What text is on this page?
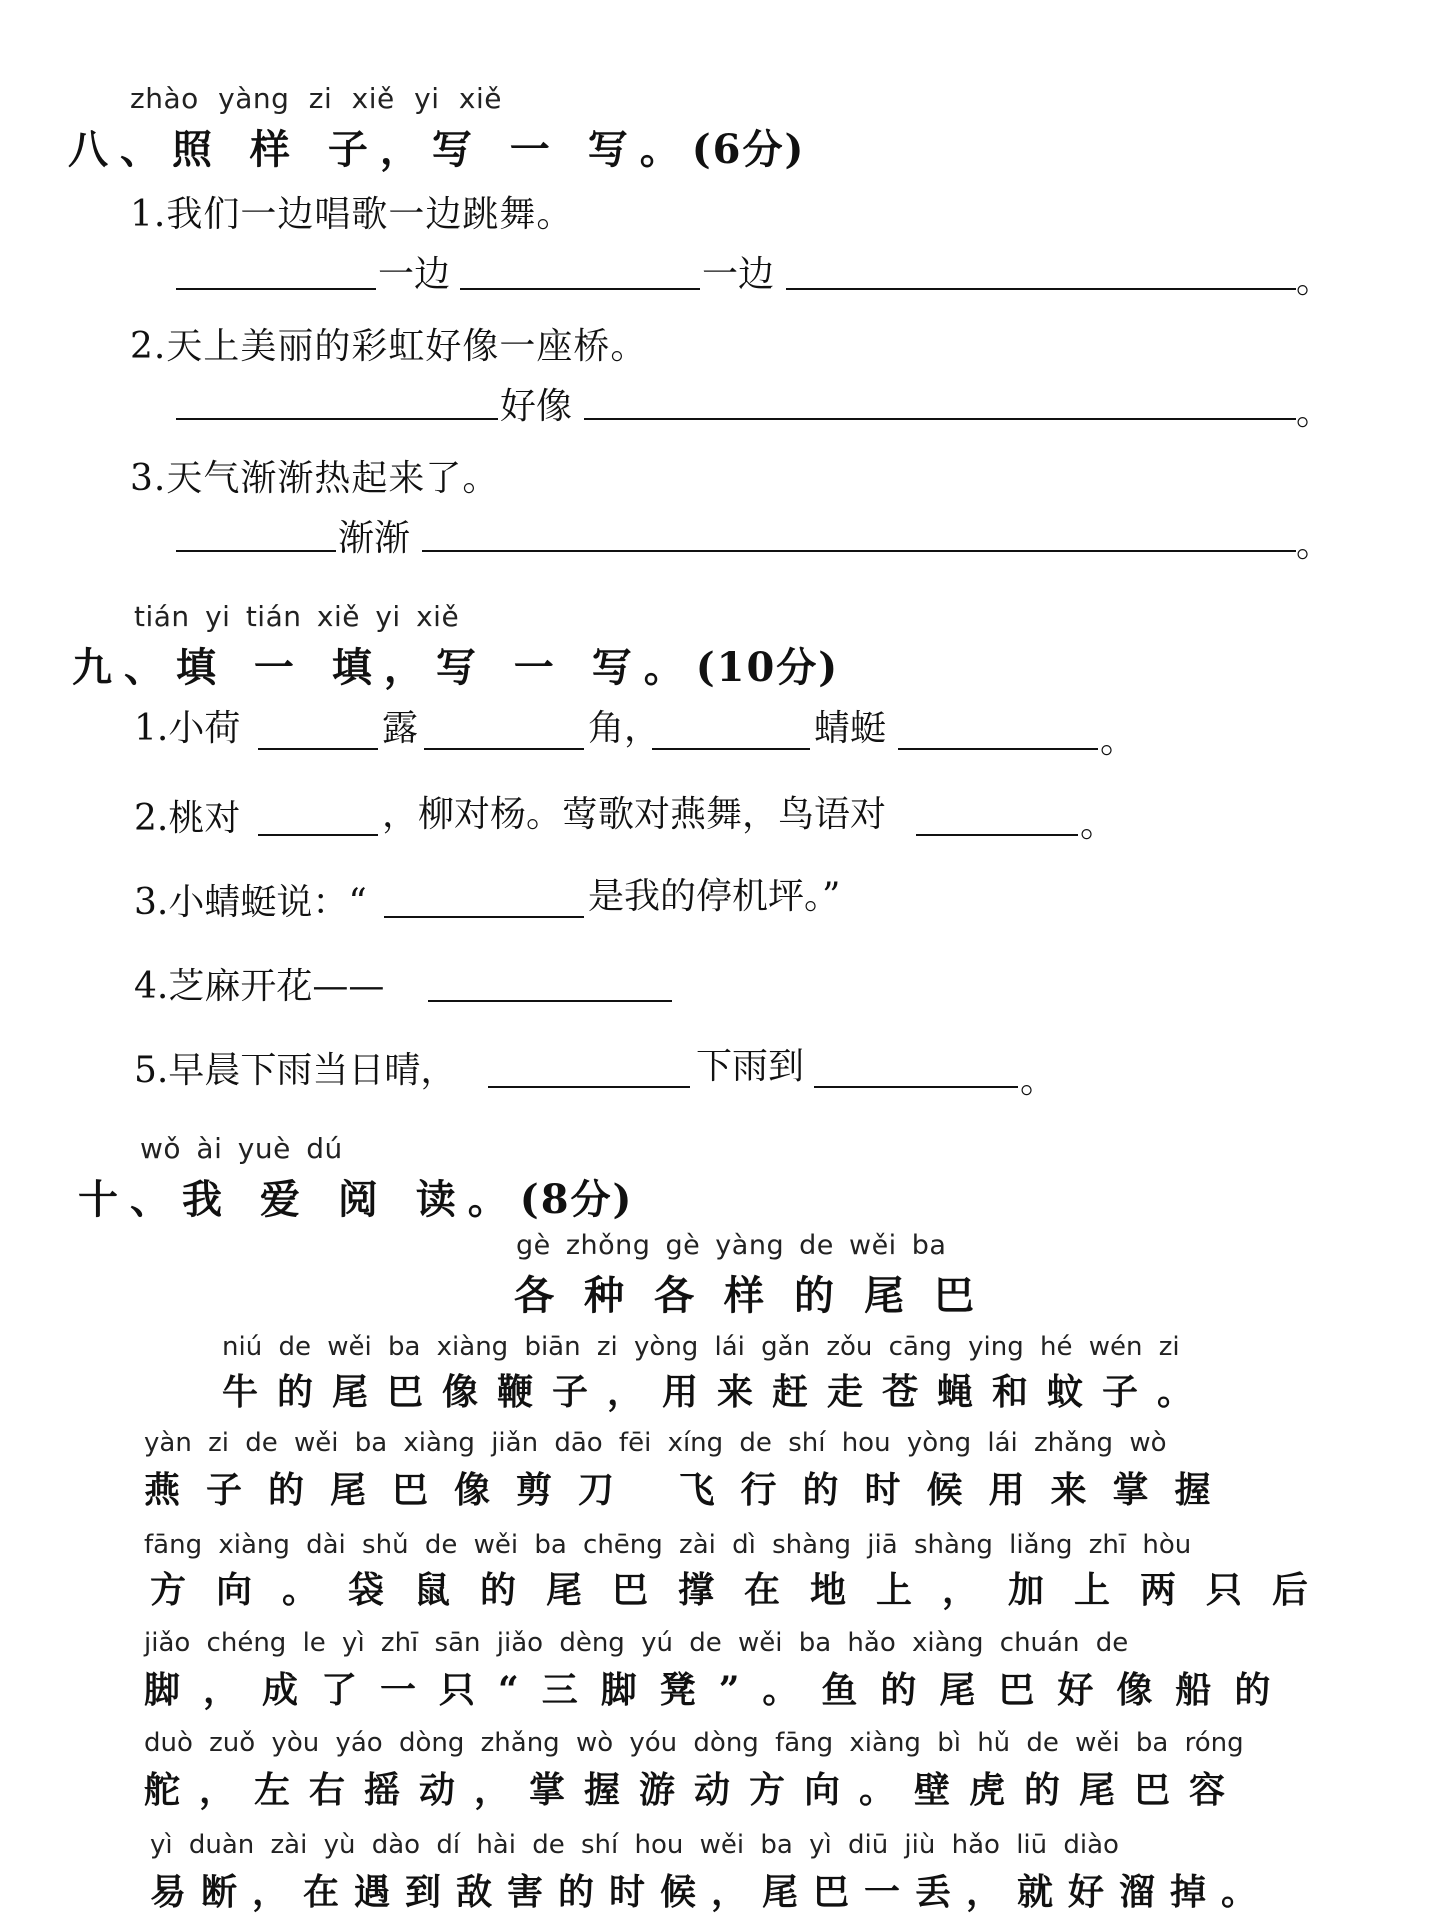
zhào yàng zi xiě yi xiě
八、照 样 子，写 一 写。(6分)
1.我们一边唱歌一边跳舞。
一边	一边	。
2.天上美丽的彩虹好像一座桥。
好像	。
3.天气渐渐热起来了。
渐渐	。
tián yi tián xiě yi xiě
九、填 一 填，写 一 写。(10分)
1.小荷	露	角，	蜻蜓	。
2.桃对	，柳对杨。莺歌对燕舞，鸟语对	。
3.小蜻蜓说：“	是我的停机坪。”
4.芝麻开花——
5.早晨下雨当日晴，	下雨到	。
wǒ ài yuè dú
十、我 爱 阅 读。(8分)
gè zhǒng gè yàng de wěi ba
各种各样的尾巴
niú de wěi ba xiàng biān zi yòng lái gǎn zǒu cāng ying hé wén zi
牛的尾巴像鞭子，用来赶走苍蝇和蚊子。
yàn zi de wěi ba xiàng jiǎn dāo fēi xíng de shí hou yòng lái zhǎng wò
燕子的尾巴像剪刀 飞行的时候用来掌握
fāng xiàng dài shǔ de wěi ba chēng zài dì shàng jiā shàng liǎng zhī hòu
方向。袋鼠的尾巴撑在地上，加上两只后
jiǎo chéng le yì zhī sān jiǎo dèng yú de wěi ba hǎo xiàng chuán de
脚，成了一只“三脚凳”。鱼的尾巴好像船的
duò zuǒ yòu yáo dòng zhǎng wò yóu dòng fāng xiàng bì hǔ de wěi ba róng
舵，左右摇动，掌握游动方向。壁虎的尾巴容
yì duàn zài yù dào dí hài de shí hou wěi ba yì diū jiù hǎo liū diào
易断，在遇到敌害的时候，尾巴一丢，就好溜掉。
